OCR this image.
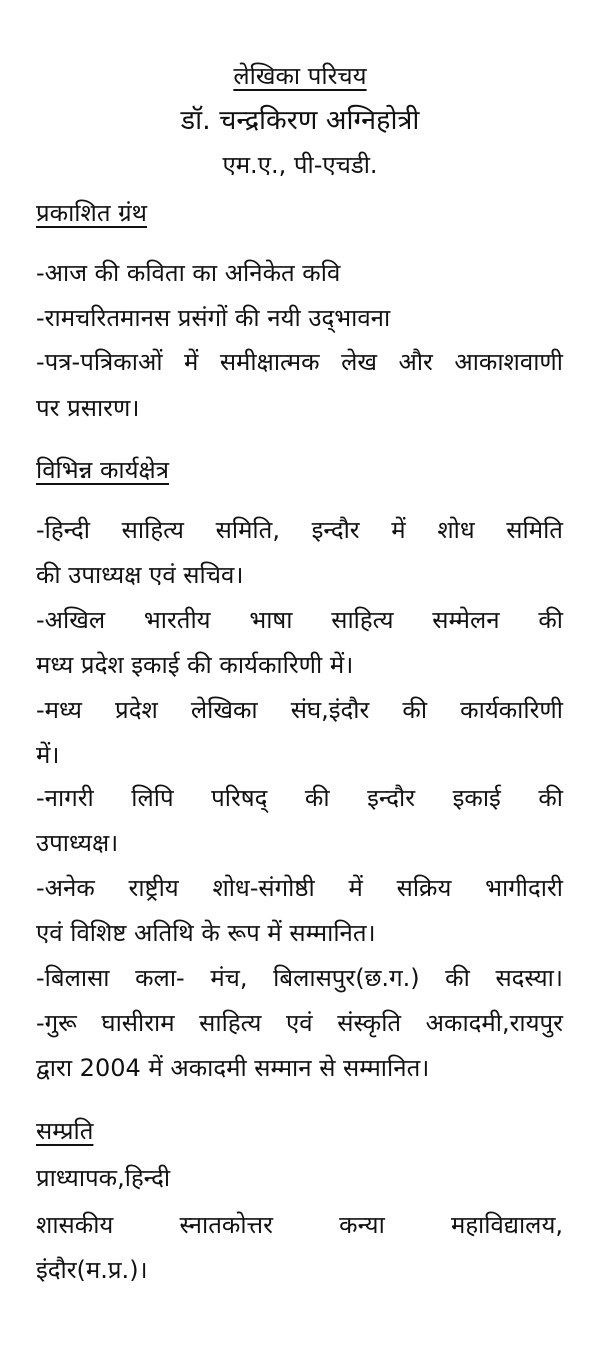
लेखिका परिचय
डॉ. चन्द्रकिरण अग्निहोत्री
एम.ए., पी-एचडी.
प्रकाशित ग्रंथ
-आज की कविता का अनिकेत कवि
-रामचरितमानस प्रसंगों की नयी उद्‌भावना
-पत्र-पत्रिकाओं में समीक्षात्मक लेख और आकाशवाणी
पर प्रसारण।
विभिन्न कार्यक्षेत्र
-हिन्दी साहित्य समिति, इन्दौर में शोध समिति
की उपाध्यक्ष एवं सचिव।
-अखिल भारतीय भाषा साहित्य सम्मेलन की
मध्य प्रदेश इकाई की कार्यकारिणी में।
-मध्य प्रदेश लेखिका संघ,इंदौर की कार्यकारिणी
में।
-नागरी लिपि परिषद् की इन्दौर इकाई की
उपाध्यक्ष।
-अनेक राष्ट्रीय शोध-संगोष्ठी में सक्रिय भागीदारी
एवं विशिष्ट अतिथि के रूप में सम्मानित।
-बिलासा कला- मंच, बिलासपुर(छ.ग.) की सदस्या।
-गुरू घासीराम साहित्य एवं संस्कृति अकादमी,रायपुर
द्वारा 2004 में अकादमी सम्मान से सम्मानित।
सम्प्रति
प्राध्यापक,हिन्दी
शासकीय स्नातकोत्तर कन्या महाविद्यालय,
इंदौर(म.प्र.)।
